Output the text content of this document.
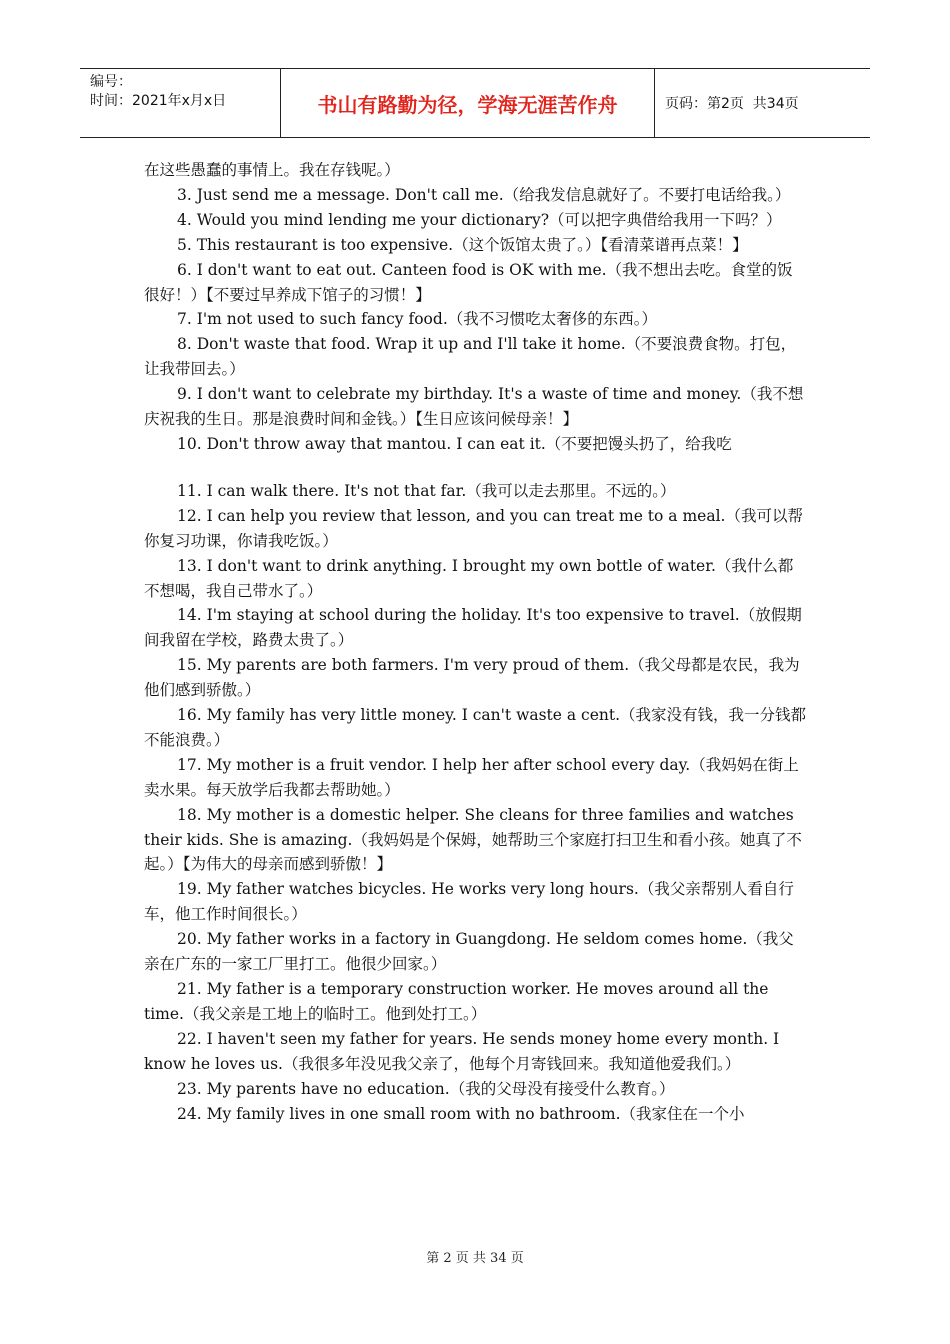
编号：
时间：2021年x月x日	书山有路勤为径，学海无涯苦作舟	页码：第2页  共34页

在这些愚蠢的事情上。我在存钱呢。）

3. Just send me a message. Don't call me.（给我发信息就好了。不要打电话给我。）

4. Would you mind lending me your dictionary?（可以把字典借给我用一下吗？）

5. This restaurant is too expensive.（这个饭馆太贵了。）【看清菜谱再点菜！】

6. I don't want to eat out. Canteen food is OK with me.（我不想出去吃。食堂的饭很好！）【不要过早养成下馆子的习惯！】

7. I'm not used to such fancy food.（我不习惯吃太奢侈的东西。）

8. Don't waste that food. Wrap it up and I'll take it home.（不要浪费食物。打包，让我带回去。）

9. I don't want to celebrate my birthday. It's a waste of time and money.（我不想庆祝我的生日。那是浪费时间和金钱。）【生日应该问候母亲！】

10. Don't throw away that mantou. I can eat it.（不要把馒头扔了，给我吃

11. I can walk there. It's not that far.（我可以走去那里。不远的。）

12. I can help you review that lesson, and you can treat me to a meal.（我可以帮你复习功课，你请我吃饭。）

13. I don't want to drink anything. I brought my own bottle of water.（我什么都不想喝，我自己带水了。）

14. I'm staying at school during the holiday. It's too expensive to travel.（放假期间我留在学校，路费太贵了。）

15. My parents are both farmers. I'm very proud of them.（我父母都是农民，我为他们感到骄傲。）

16. My family has very little money. I can't waste a cent.（我家没有钱，我一分钱都不能浪费。）

17. My mother is a fruit vendor. I help her after school every day.（我妈妈在街上卖水果。每天放学后我都去帮助她。）

18. My mother is a domestic helper. She cleans for three families and watches their kids. She is amazing.（我妈妈是个保姆，她帮助三个家庭打扫卫生和看小孩。她真了不起。）【为伟大的母亲而感到骄傲！】

19. My father watches bicycles. He works very long hours.（我父亲帮别人看自行车，他工作时间很长。）

20. My father works in a factory in Guangdong. He seldom comes home.（我父亲在广东的一家工厂里打工。他很少回家。）

21. My father is a temporary construction worker. He moves around all the time.（我父亲是工地上的临时工。他到处打工。）

22. I haven't seen my father for years. He sends money home every month. I know he loves us.（我很多年没见我父亲了，他每个月寄钱回来。我知道他爱我们。）

23. My parents have no education.（我的父母没有接受什么教育。）

24. My family lives in one small room with no bathroom.（我家住在一个小

第 2 页 共 34 页
